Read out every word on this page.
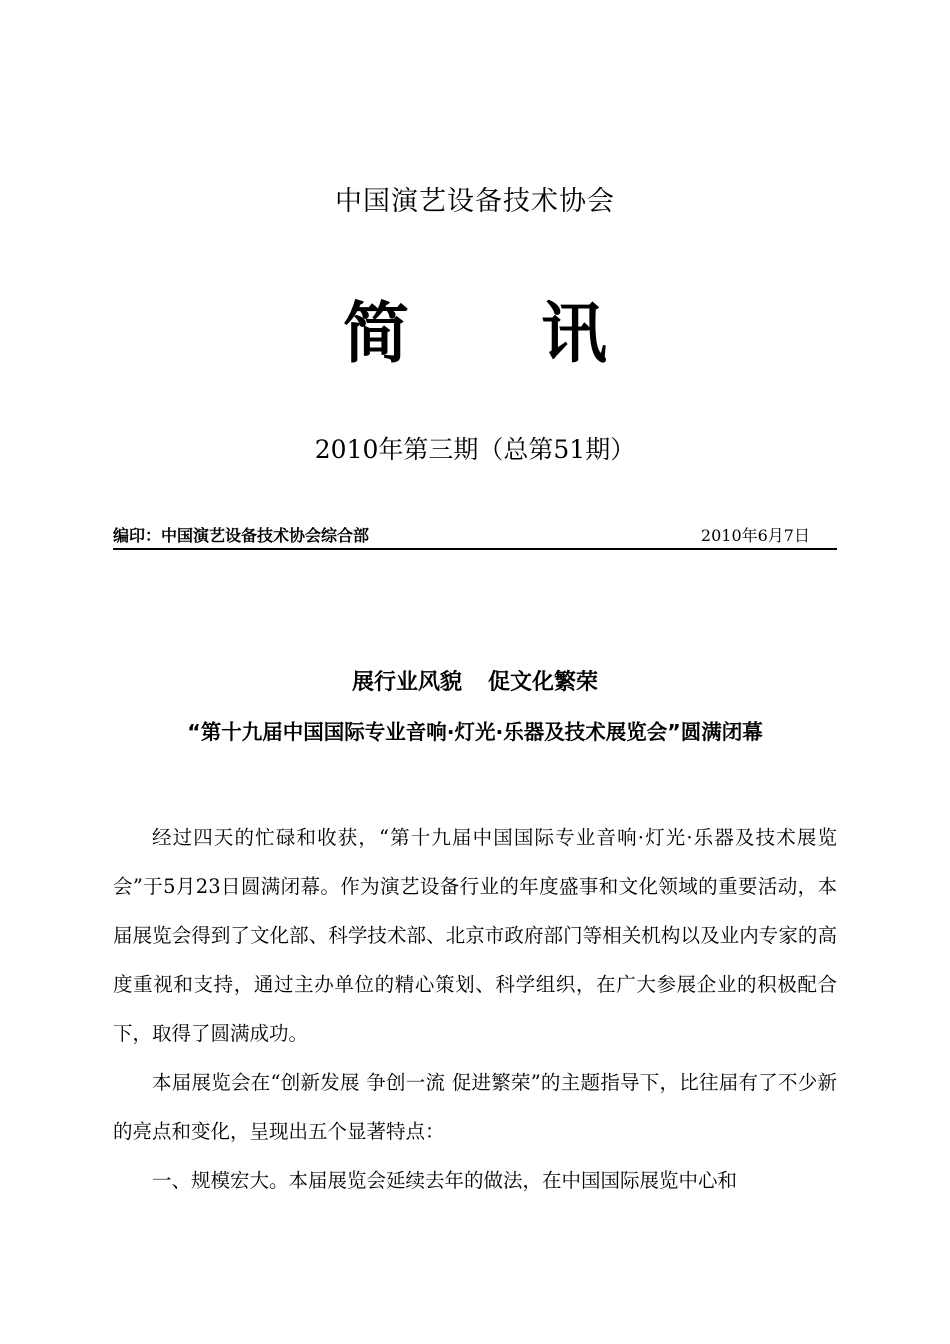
中国演艺设备技术协会
简 讯
2010年第三期（总第51期）
编印：中国演艺设备技术协会综合部	2010年6月7日
展行业风貌 促文化繁荣
“第十九届中国国际专业音响·灯光·乐器及技术展览会”圆满闭幕

经过四天的忙碌和收获，“第十九届中国国际专业音响·灯光·乐器及技术展览会”于5月23日圆满闭幕。作为演艺设备行业的年度盛事和文化领域的重要活动，本届展览会得到了文化部、科学技术部、北京市政府部门等相关机构以及业内专家的高度重视和支持，通过主办单位的精心策划、科学组织，在广大参展企业的积极配合下，取得了圆满成功。

本届展览会在“创新发展 争创一流 促进繁荣”的主题指导下，比往届有了不少新的亮点和变化，呈现出五个显著特点：

一、规模宏大。本届展览会延续去年的做法，在中国国际展览中心和
